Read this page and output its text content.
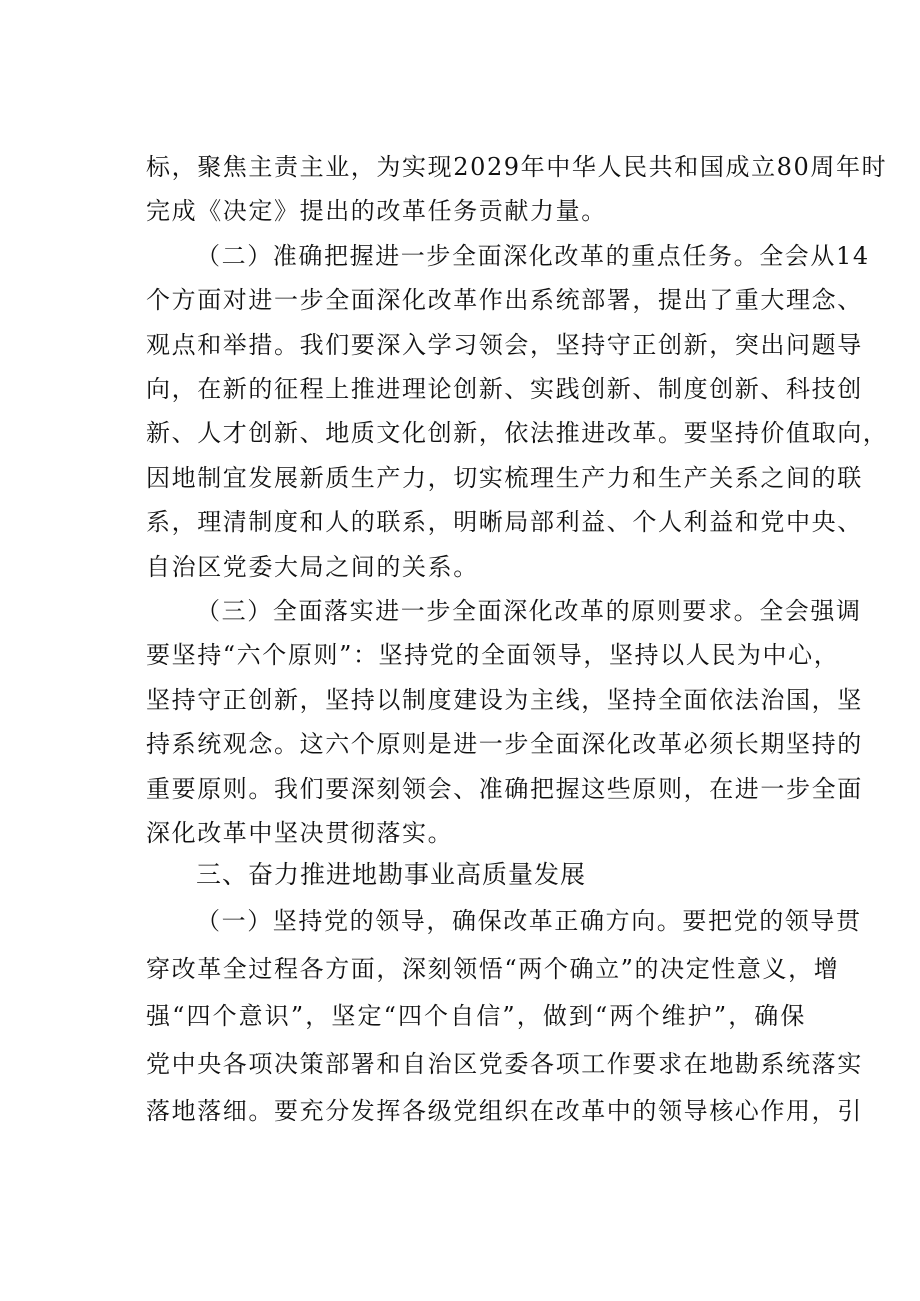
标，聚焦主责主业，为实现2029年中华人民共和国成立80周年时
完成《决定》提出的改革任务贡献力量。
（二）准确把握进一步全面深化改革的重点任务。全会从14
个方面对进一步全面深化改革作出系统部署，提出了重大理念、
观点和举措。我们要深入学习领会，坚持守正创新，突出问题导
向，在新的征程上推进理论创新、实践创新、制度创新、科技创
新、人才创新、地质文化创新，依法推进改革。要坚持价值取向，
因地制宜发展新质生产力，切实梳理生产力和生产关系之间的联
系，理清制度和人的联系，明晰局部利益、个人利益和党中央、
自治区党委大局之间的关系。
（三）全面落实进一步全面深化改革的原则要求。全会强调
要坚持“六个原则”：坚持党的全面领导，坚持以人民为中心，
坚持守正创新，坚持以制度建设为主线，坚持全面依法治国，坚
持系统观念。这六个原则是进一步全面深化改革必须长期坚持的
重要原则。我们要深刻领会、准确把握这些原则，在进一步全面
深化改革中坚决贯彻落实。
三、奋力推进地勘事业高质量发展
（一）坚持党的领导，确保改革正确方向。要把党的领导贯
穿改革全过程各方面，深刻领悟“两个确立”的决定性意义，增
强“四个意识”，坚定“四个自信”，做到“两个维护”，确保
党中央各项决策部署和自治区党委各项工作要求在地勘系统落实
落地落细。要充分发挥各级党组织在改革中的领导核心作用，引
